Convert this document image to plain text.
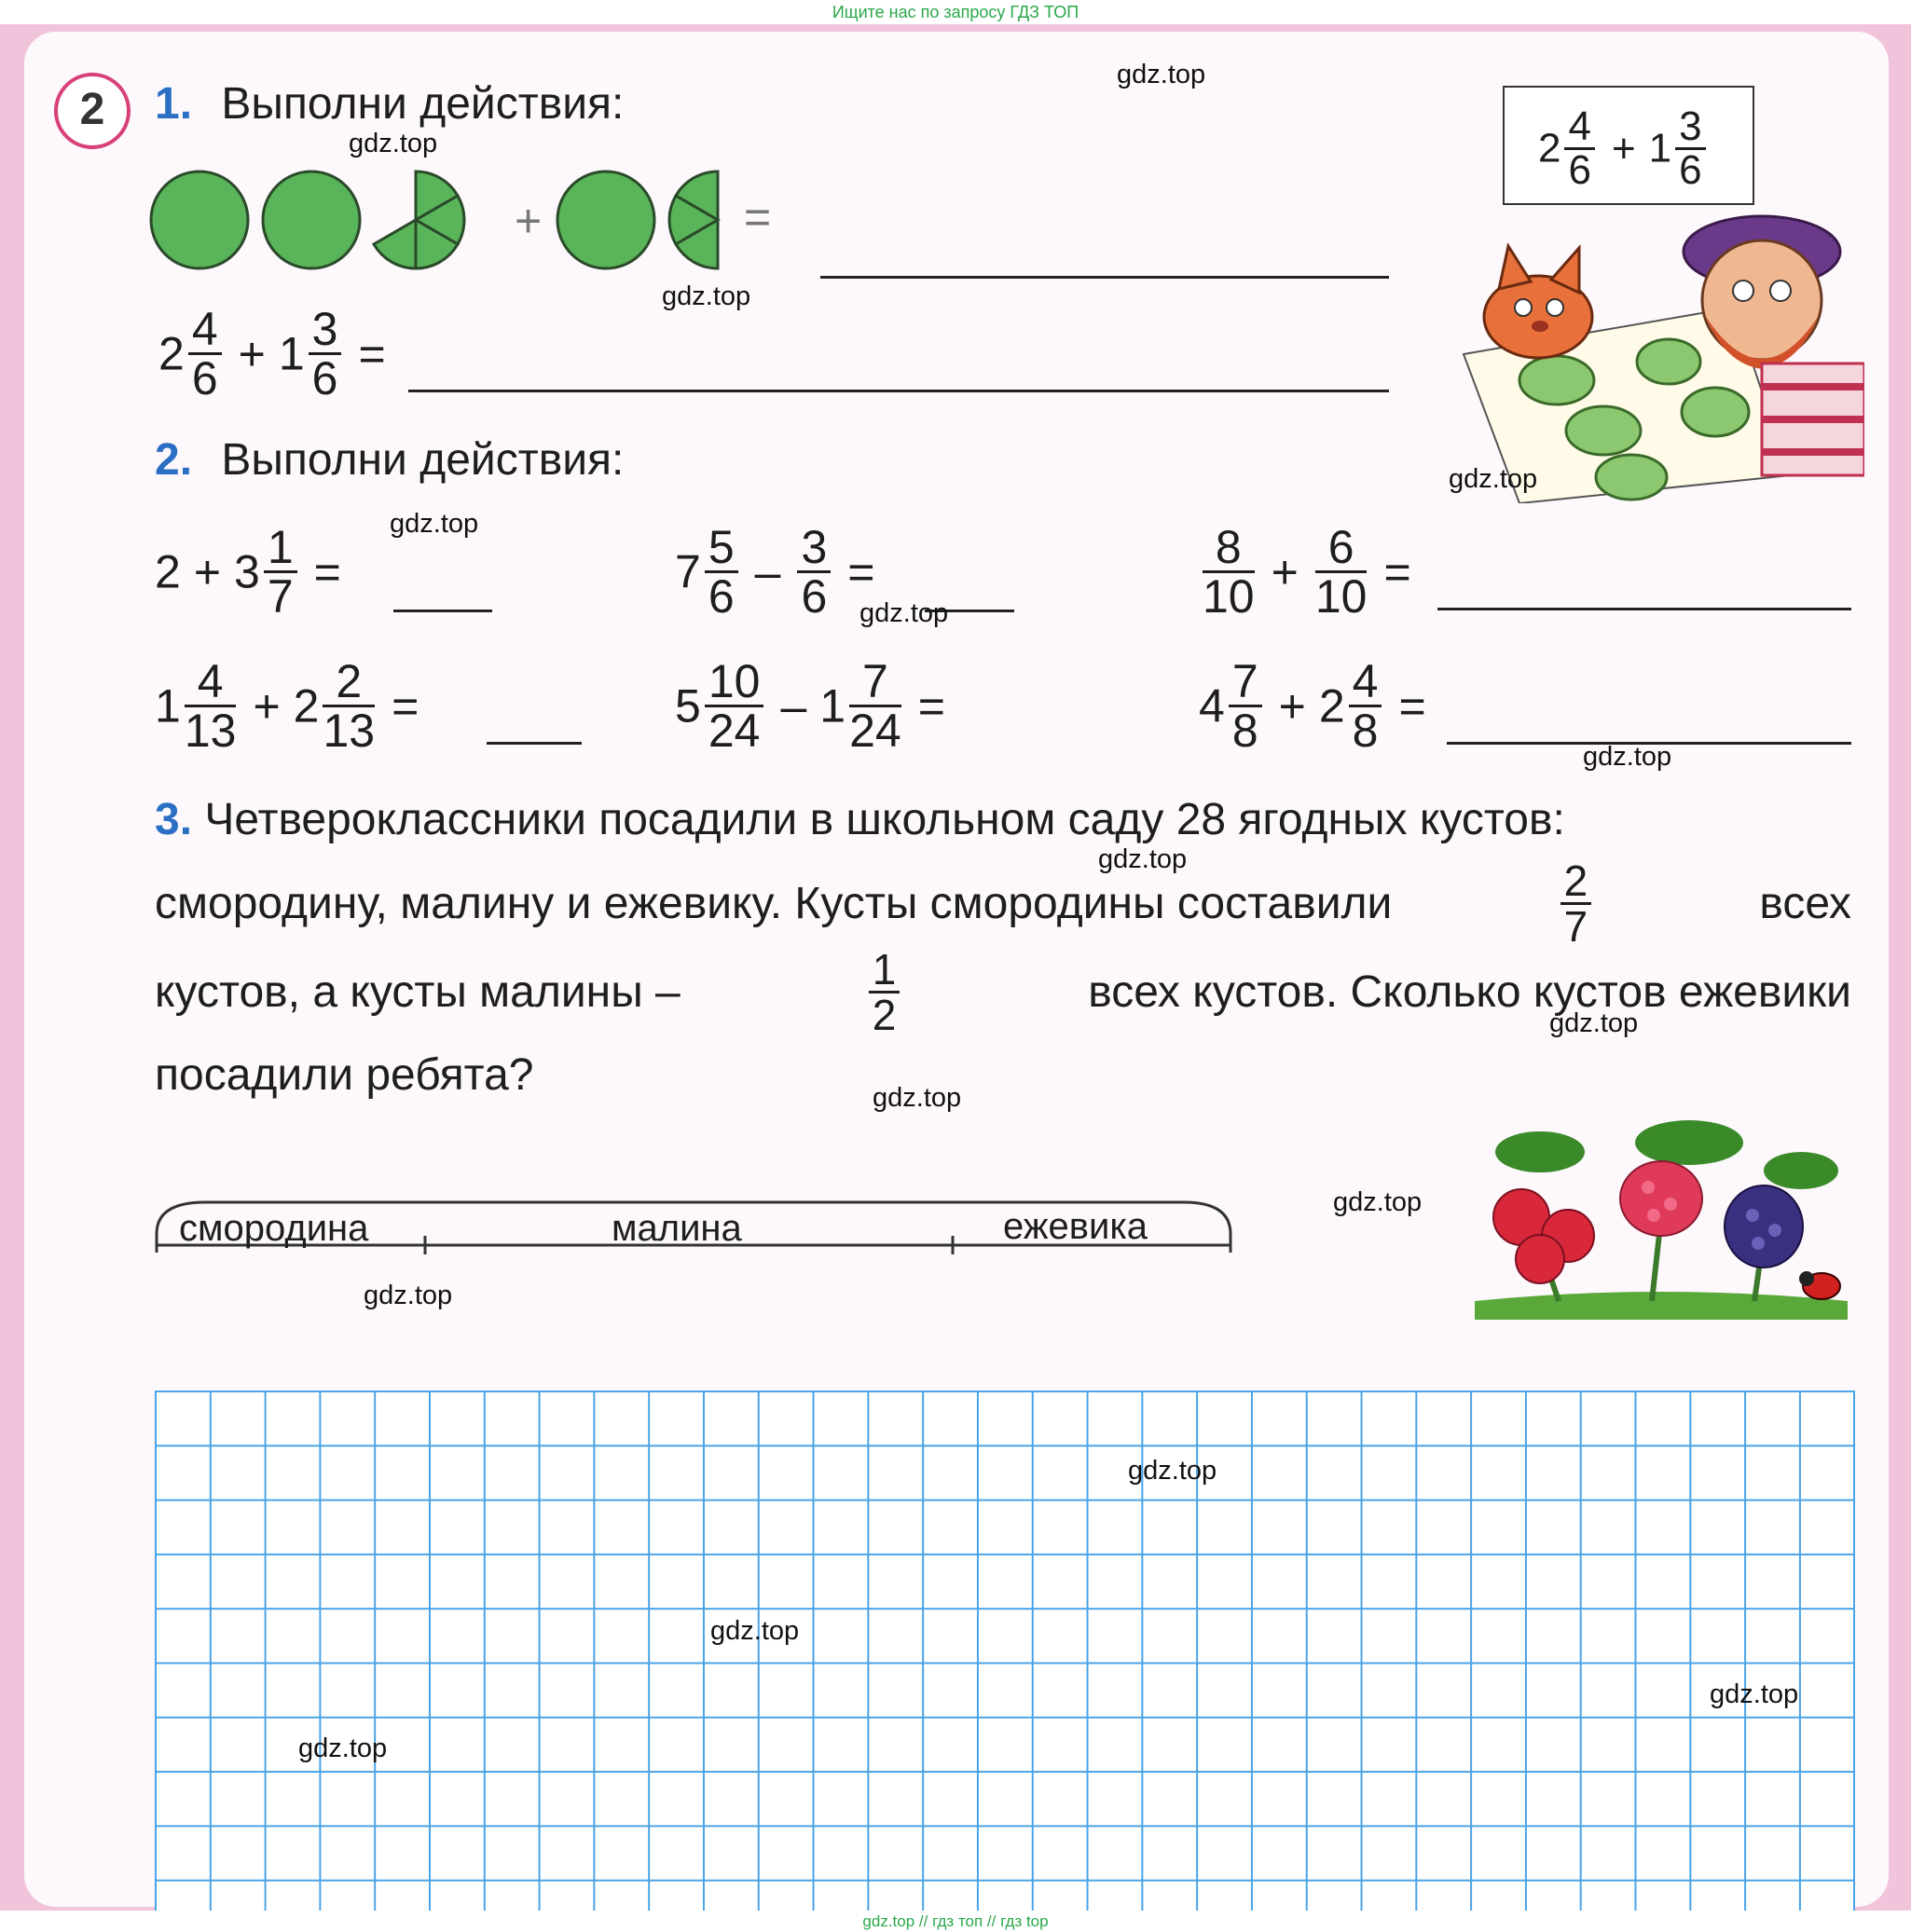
Ищите нас по запросу ГДЗ ТОП
2	1. Выполни действия:
+	=
$2 \frac{4}{6} + 1 \frac{3}{6}$ =
$2 \frac{4}{6} + 1 \frac{3}{6}$
2. Выполни действия:
$2 + 3 \frac{1}{7}$ =	$7 \frac{5}{6} - \frac{3}{6}$ =	$\frac{8}{10} + \frac{6}{10}$ =
$1 \frac{4}{13} + 2 \frac{2}{13}$ =	$5 \frac{10}{24} - 1 \frac{7}{24}$ =	$4 \frac{7}{8} + 2 \frac{4}{8}$ =
3. Четвероклассники посадили в школьном саду 28 ягодных кустов:
смородину, малину и ежевику. Кусты смородины составили	$\frac{2}{7}$	всех
кустов, а кусты малины –	$\frac{1}{2}$	всех кустов. Сколько кустов ежевики
посадили ребята?
смородина	малина	ежевика
gdz.top
gdz.top
gdz.top
gdz.top
gdz.top
gdz.top
gdz.top
gdz.top
gdz.top
gdz.top
gdz.top
gdz.top
gdz.top
gdz.top
gdz.top
gdz.top
gdz.top // гдз топ // гдз top
